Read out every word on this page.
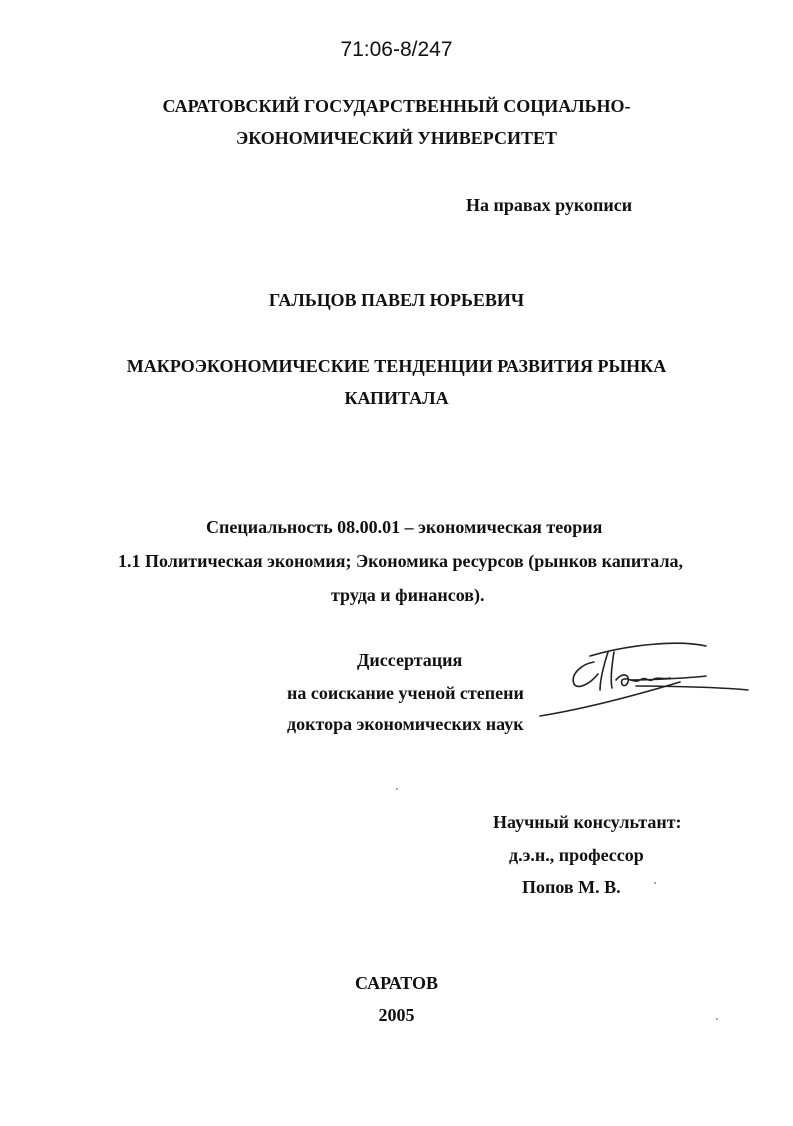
71:06-8/247
САРАТОВСКИЙ ГОСУДАРСТВЕННЫЙ СОЦИАЛЬНО-
ЭКОНОМИЧЕСКИЙ УНИВЕРСИТЕТ
На правах рукописи
ГАЛЬЦОВ ПАВЕЛ ЮРЬЕВИЧ
МАКРОЭКОНОМИЧЕСКИЕ ТЕНДЕНЦИИ РАЗВИТИЯ РЫНКА
КАПИТАЛА
Специальность 08.00.01 – экономическая теория
1.1 Политическая экономия; Экономика ресурсов (рынков капитала,
труда и финансов).
Диссертация
на соискание ученой степени
доктора экономических наук
Научный консультант:
д.э.н., профессор
Попов М. В.
САРАТОВ
2005
